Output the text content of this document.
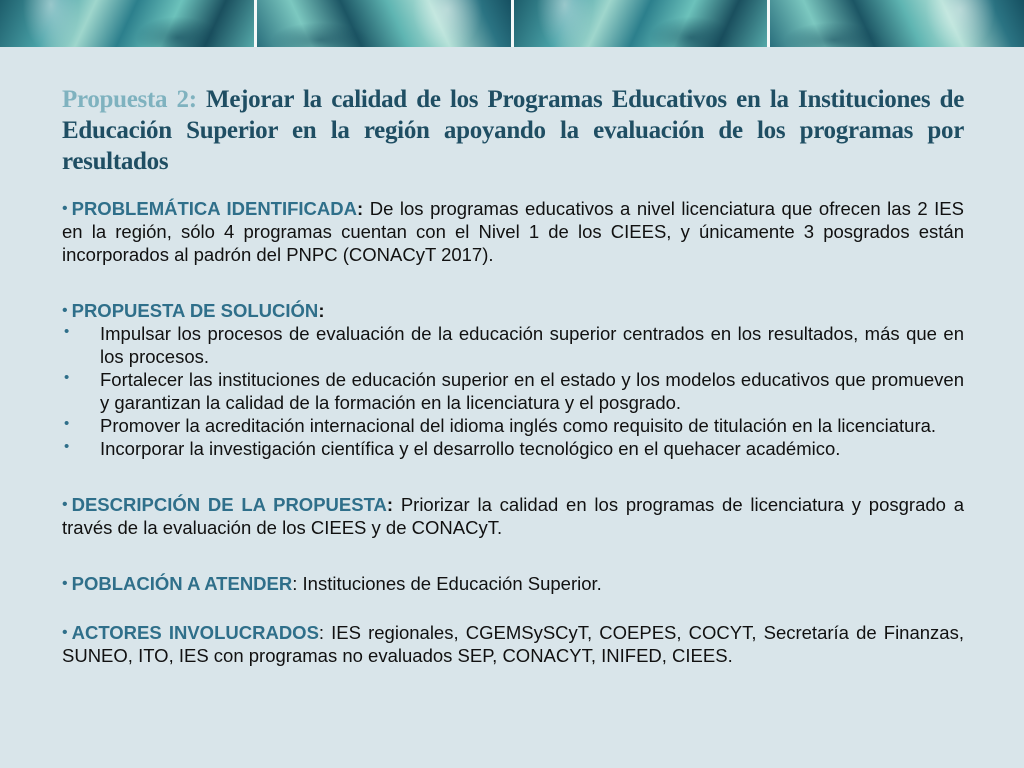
Propuesta 2: Mejorar la calidad de los Programas Educativos en la Instituciones de Educación Superior en la región apoyando la evaluación de los programas por resultados

• PROBLEMÁTICA IDENTIFICADA: De los programas educativos a nivel licenciatura que ofrecen las 2 IES en la región, sólo 4 programas cuentan con el Nivel 1 de los CIEES, y únicamente 3 posgrados están incorporados al padrón del PNPC (CONACyT 2017).

• PROPUESTA DE SOLUCIÓN:

• Impulsar los procesos de evaluación de la educación superior centrados en los resultados, más que en los procesos.
• Fortalecer las instituciones de educación superior en el estado y los modelos educativos que promueven y garantizan la calidad de la formación en la licenciatura y el posgrado.
• Promover la acreditación internacional del idioma inglés como requisito de titulación en la licenciatura.
• Incorporar la investigación científica y el desarrollo tecnológico en el quehacer académico.

• DESCRIPCIÓN DE LA PROPUESTA: Priorizar la calidad en los programas de licenciatura y posgrado a través de la evaluación de los CIEES y de CONACyT.

• POBLACIÓN A ATENDER: Instituciones de Educación Superior.

• ACTORES INVOLUCRADOS: IES regionales, CGEMSySCyT, COEPES, COCYT, Secretaría de Finanzas, SUNEO, ITO, IES con programas no evaluados SEP, CONACYT, INIFED, CIEES.
